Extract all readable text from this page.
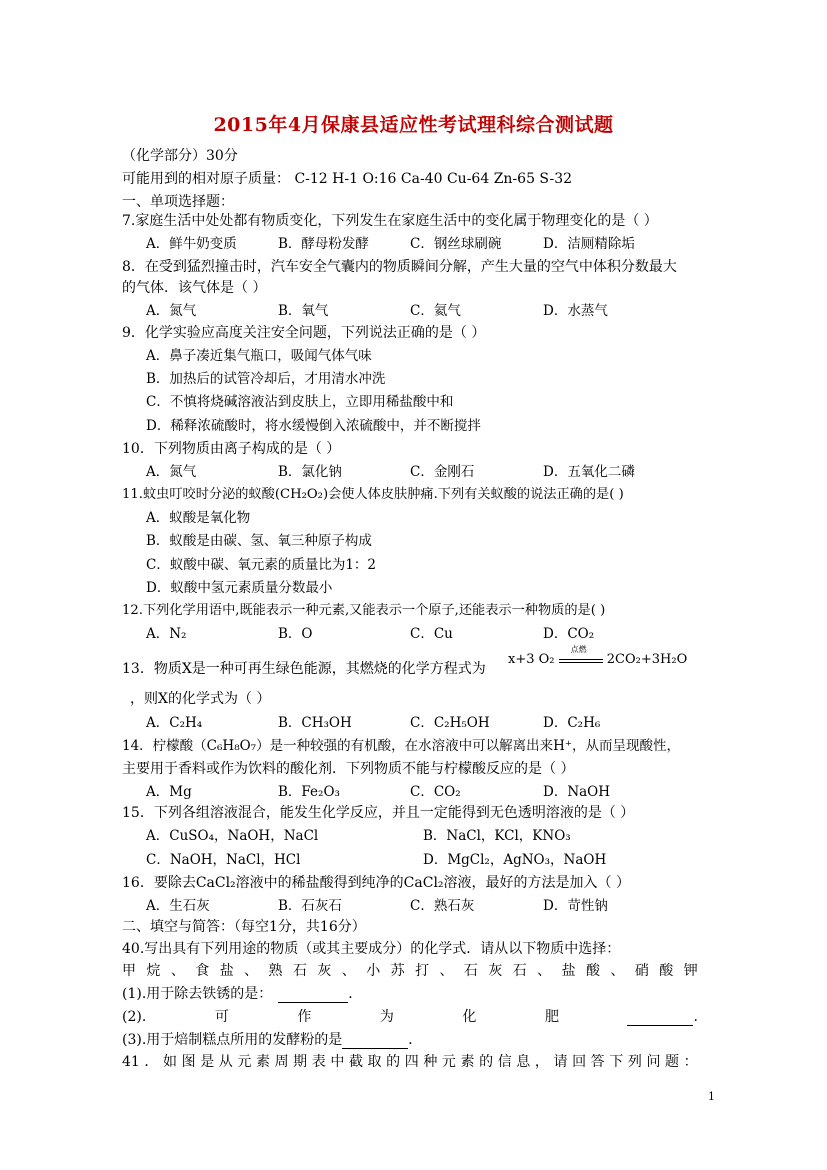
2015年4月保康县适应性考试理科综合测试题
（化学部分）30分
可能用到的相对原子质量： C-12 H-1 O:16 Ca-40 Cu-64 Zn-65 S-32
一、单项选择题：
7.家庭生活中处处都有物质变化，下列发生在家庭生活中的变化属于物理变化的是（ ）
A．鲜牛奶变质	B．酵母粉发酵	C．钢丝球刷碗	D．洁厕精除垢
8．在受到猛烈撞击时，汽车安全气囊内的物质瞬间分解，产生大量的空气中体积分数最大
的气体．该气体是（ ）
A．氮气	B．氧气	C．氦气	D．水蒸气
9．化学实验应高度关注安全问题，下列说法正确的是（ ）
A．鼻子凑近集气瓶口，吸闻气体气味
B．加热后的试管冷却后，才用清水冲洗
C．不慎将烧碱溶液沾到皮肤上，立即用稀盐酸中和
D．稀释浓硫酸时，将水缓慢倒入浓硫酸中，并不断搅拌
10．下列物质由离子构成的是（ ）
A．氮气	B．氯化钠	C．金刚石	D．五氧化二磷
11.蚊虫叮咬时分泌的蚁酸(CH₂O₂)会使人体皮肤肿痛.下列有关蚁酸的说法正确的是( )
A．蚁酸是氧化物
B．蚁酸是由碳、氢、氧三种原子构成
C．蚁酸中碳、氧元素的质量比为1：2
D．蚁酸中氢元素质量分数最小
12.下列化学用语中,既能表示一种元素,又能表示一个原子,还能表示一种物质的是( )
A．N₂	B．O	C．Cu	D．CO₂
13．物质X是一种可再生绿色能源，其燃烧的化学方程式为
x+3 O₂
点燃
2CO₂+3H₂O
，则X的化学式为（ ）
A．C₂H₄	B．CH₃OH	C．C₂H₅OH	D．C₂H₆
14．柠檬酸（C₆H₈O₇）是一种较强的有机酸，在水溶液中可以解离出来H⁺，从而呈现酸性，
主要用于香料或作为饮料的酸化剂．下列物质不能与柠檬酸反应的是（ ）
A．Mg	B．Fe₂O₃	C．CO₂	D．NaOH
15．下列各组溶液混合，能发生化学反应，并且一定能得到无色透明溶液的是（ ）
A．CuSO₄，NaOH，NaCl	B．NaCl，KCl，KNO₃
C．NaOH，NaCl，HCl	D．MgCl₂，AgNO₃，NaOH
16．要除去CaCl₂溶液中的稀盐酸得到纯净的CaCl₂溶液，最好的方法是加入（ ）
A．生石灰	B．石灰石	C．熟石灰	D．苛性钠
二、填空与简答：（每空1分，共16分）
40.写出具有下列用途的物质（或其主要成分）的化学式．请从以下物质中选择：
甲 烷 、 食 盐 、 熟 石 灰 、 小 苏 打 、 石 灰 石 、 盐 酸 、 硝 酸 钾
(1).用于除去铁锈的是：	.
(2).	可	作	为	化	肥	.
(3).用于焙制糕点所用的发酵粉的是	．
41 ． 如 图 是 从 元 素 周 期 表 中 截 取 的 四 种 元 素 的 信 息 ， 请 回 答 下 列 问 题 ：
1
